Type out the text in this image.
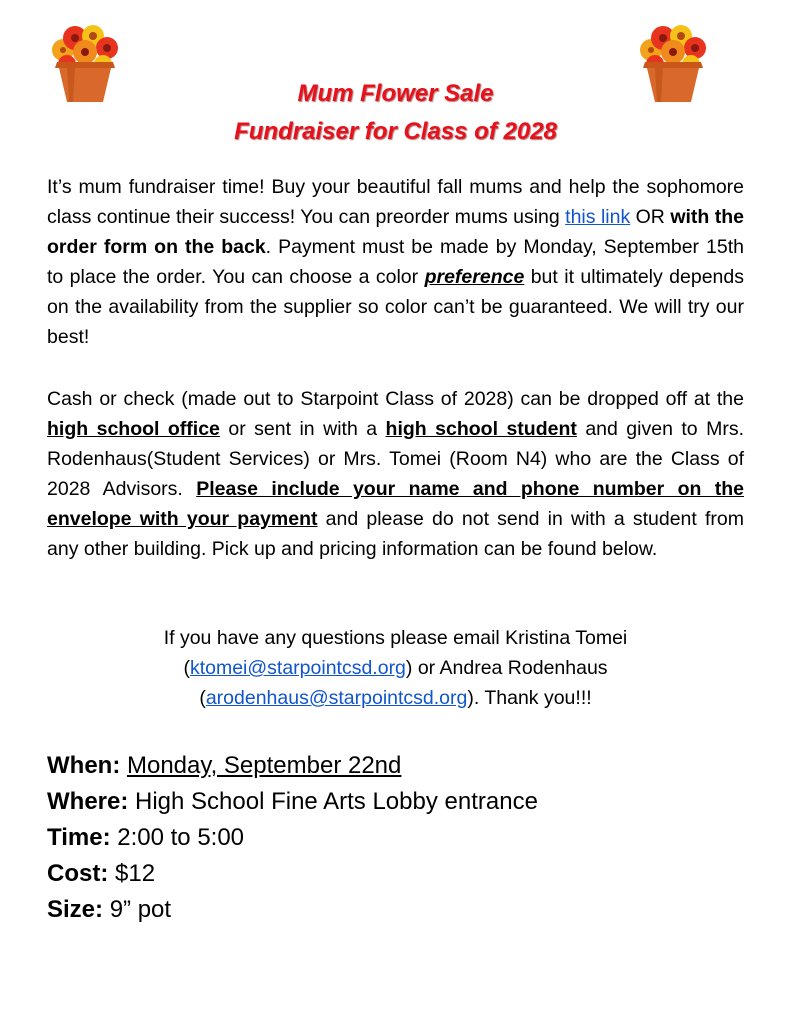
Mum Flower Sale
Fundraiser for Class of 2028

It’s mum fundraiser time! Buy your beautiful fall mums and help the sophomore class continue their success! You can preorder mums using this link OR with the order form on the back. Payment must be made by Monday, September 15th to place the order. You can choose a color preference but it ultimately depends on the availability from the supplier so color can’t be guaranteed. We will try our best!

Cash or check (made out to Starpoint Class of 2028) can be dropped off at the high school office or sent in with a high school student and given to Mrs. Rodenhaus(Student Services) or Mrs. Tomei (Room N4) who are the Class of 2028 Advisors. Please include your name and phone number on the envelope with your payment and please do not send in with a student from any other building. Pick up and pricing information can be found below.

If you have any questions please email Kristina Tomei (ktomei@starpointcsd.org) or Andrea Rodenhaus (arodenhaus@starpointcsd.org). Thank you!!!

When: Monday, September 22nd
Where: High School Fine Arts Lobby entrance
Time: 2:00 to 5:00
Cost: $12
Size: 9” pot
